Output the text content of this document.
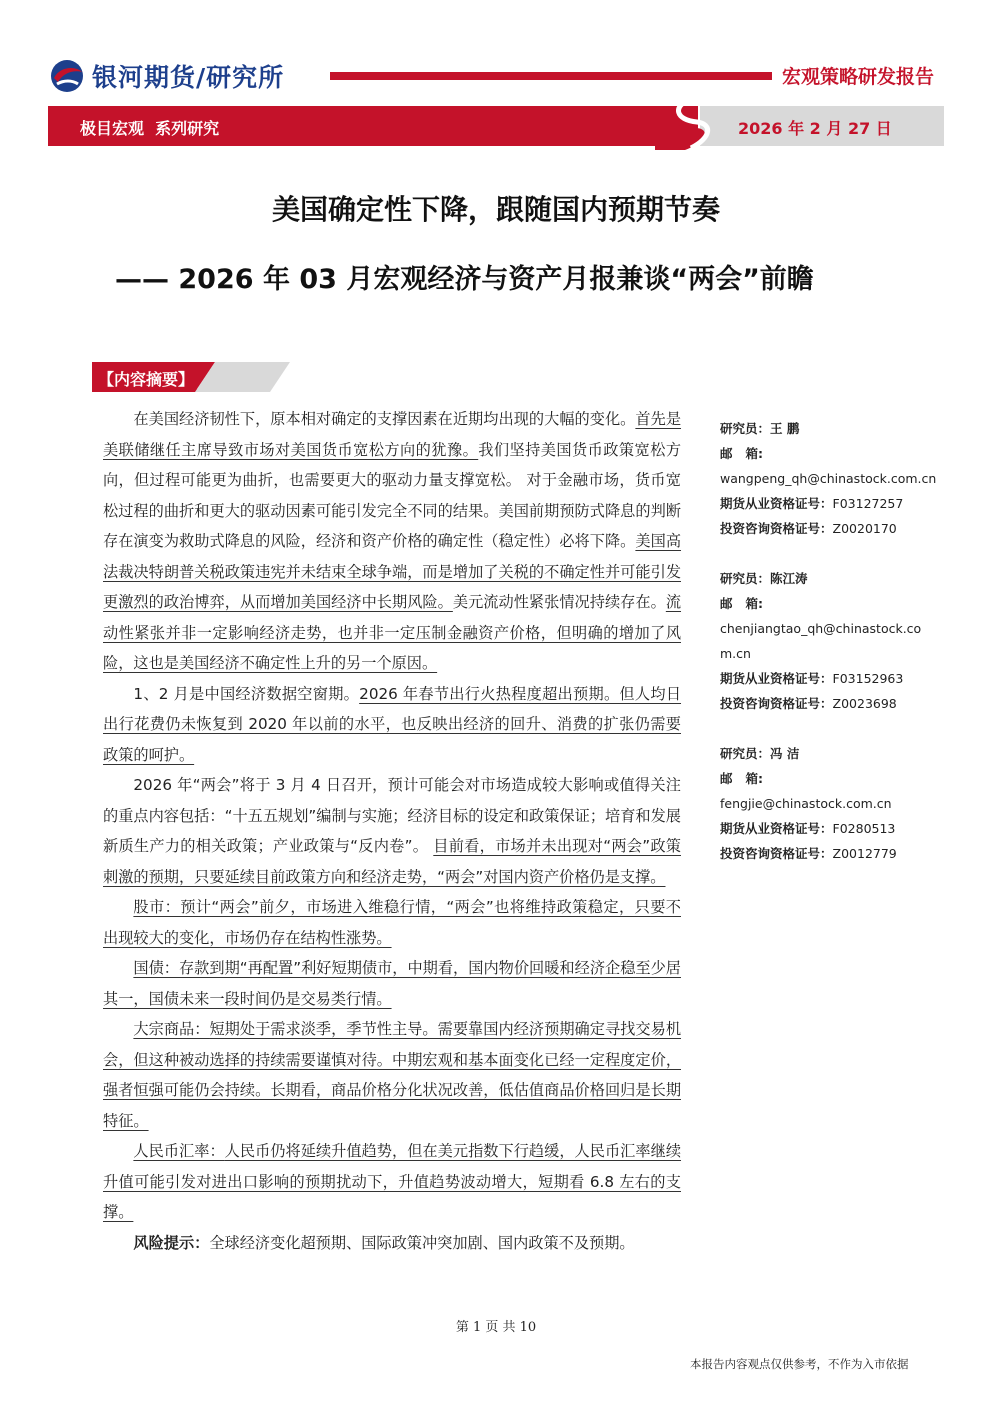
银河期货/研究所	宏观策略研发报告
极目宏观  系列研究	2026 年 2 月 27 日
美国确定性下降，跟随国内预期节奏
—— 2026 年 03 月宏观经济与资产月报兼谈“两会”前瞻
【内容摘要】

在美国经济韧性下，原本相对确定的支撑因素在近期均出现的大幅的变化。首先是美联储继任主席导致市场对美国货币宽松方向的犹豫。我们坚持美国货币政策宽松方向，但过程可能更为曲折，也需要更大的驱动力量支撑宽松。 对于金融市场，货币宽松过程的曲折和更大的驱动因素可能引发完全不同的结果。美国前期预防式降息的判断存在演变为救助式降息的风险，经济和资产价格的确定性（稳定性）必将下降。美国高法裁决特朗普关税政策违宪并未结束全球争端，而是增加了关税的不确定性并可能引发更激烈的政治博弈，从而增加美国经济中长期风险。美元流动性紧张情况持续存在。流动性紧张并非一定影响经济走势，也并非一定压制金融资产价格，但明确的增加了风险，这也是美国经济不确定性上升的另一个原因。

1、2 月是中国经济数据空窗期。2026 年春节出行火热程度超出预期。但人均日出行花费仍未恢复到 2020 年以前的水平，也反映出经济的回升、消费的扩张仍需要政策的呵护。

2026 年“两会”将于 3 月 4 日召开，预计可能会对市场造成较大影响或值得关注的重点内容包括：“十五五规划”编制与实施；经济目标的设定和政策保证；培育和发展新质生产力的相关政策；产业政策与“反内卷”。 目前看，市场并未出现对“两会”政策刺激的预期，只要延续目前政策方向和经济走势，“两会”对国内资产价格仍是支撑。

股市：预计“两会”前夕，市场进入维稳行情，“两会”也将维持政策稳定，只要不出现较大的变化，市场仍存在结构性涨势。

国债：存款到期“再配置”利好短期债市，中期看，国内物价回暖和经济企稳至少居其一，国债未来一段时间仍是交易类行情。

大宗商品：短期处于需求淡季，季节性主导。需要靠国内经济预期确定寻找交易机会，但这种被动选择的持续需要谨慎对待。中期宏观和基本面变化已经一定程度定价，强者恒强可能仍会持续。长期看，商品价格分化状况改善，低估值商品价格回归是长期特征。

人民币汇率：人民币仍将延续升值趋势，但在美元指数下行趋缓，人民币汇率继续升值可能引发对进出口影响的预期扰动下，升值趋势波动增大，短期看 6.8 左右的支撑。

风险提示：全球经济变化超预期、国际政策冲突加剧、国内政策不及预期。

研究员：王 鹏
邮   箱:
wangpeng_qh@chinastock.com.cn
期货从业资格证号：F03127257
投资咨询资格证号：Z0020170
研究员：陈江涛
邮   箱:
chenjiangtao_qh@chinastock.com.cn
期货从业资格证号：F03152963
投资咨询资格证号：Z0023698
研究员：冯 洁
邮   箱:
fengjie@chinastock.com.cn
期货从业资格证号：F0280513
投资咨询资格证号：Z0012779
第 1 页 共 10
本报告内容观点仅供参考，不作为入市依据
